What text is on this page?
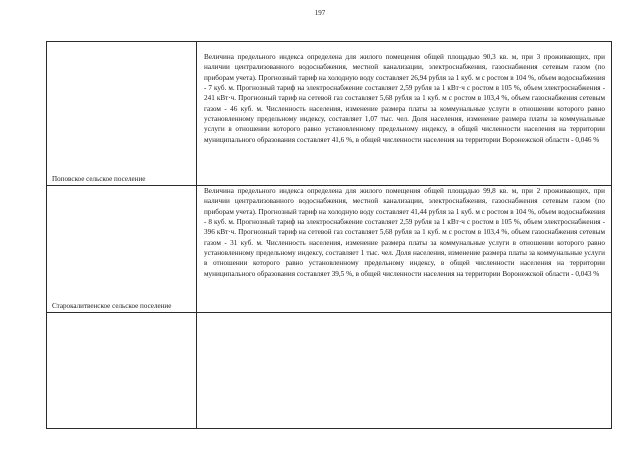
197
Поповское сельское поселение	Величина предельного индекса определена для жилого помещения общей площадью 90,3 кв. м, при 3 проживающих, при наличии централизованного водоснабжения, местной канализации, электроснабжения, газоснабжения сетевым газом (по приборам учета). Прогнозный тариф на холодную воду составляет 26,94 рубля за 1 куб. м с ростом в 104 %, объем водоснабжения - 7 куб. м. Прогнозный тариф на электроснабжение составляет 2,59 рубля за 1 кВт·ч с ростом в 105 %, объем электроснабжения - 241 кВт·ч. Прогнозный тариф на сетевой газ составляет 5,68 рубля за 1 куб. м с ростом в 103,4 %, объем газоснабжения сетевым газом - 46 куб. м. Численность населения, изменение размера платы за коммунальные услуги в отношении которого равно установленному предельному индексу, составляет 1,07 тыс. чел. Доля населения, изменение размера платы за коммунальные услуги в отношении которого равно установленному предельному индексу, в общей численности населения на территории муниципального образования составляет 41,6 %, в общей численности населения на территории Воронежской области - 0,046 %

Старокалитвенское сельское поселение	Величина предельного индекса определена для жилого помещения общей площадью 99,8 кв. м, при 2 проживающих, при наличии централизованного водоснабжения, местной канализации, электроснабжения, газоснабжения сетевым газом (по приборам учета). Прогнозный тариф на холодную воду составляет 41,44 рубля за 1 куб. м с ростом в 104 %, объем водоснабжения - 8 куб. м. Прогнозный тариф на электроснабжение составляет 2,59 рубля за 1 кВт·ч с ростом в 105 %, объем электроснабжения - 396 кВт·ч. Прогнозный тариф на сетевой газ составляет 5,68 рубля за 1 куб. м с ростом в 103,4 %, объем газоснабжения сетевым газом - 31 куб. м. Численность населения, изменение размера платы за коммунальные услуги в отношении которого равно установленному предельному индексу, составляет 1 тыс. чел. Доля населения, изменение размера платы за коммунальные услуги в отношении которого равно установленному предельному индексу, в общей численности населения на территории муниципального образования составляет 39,5 %, в общей численности населения на территории Воронежской области - 0,043 %
